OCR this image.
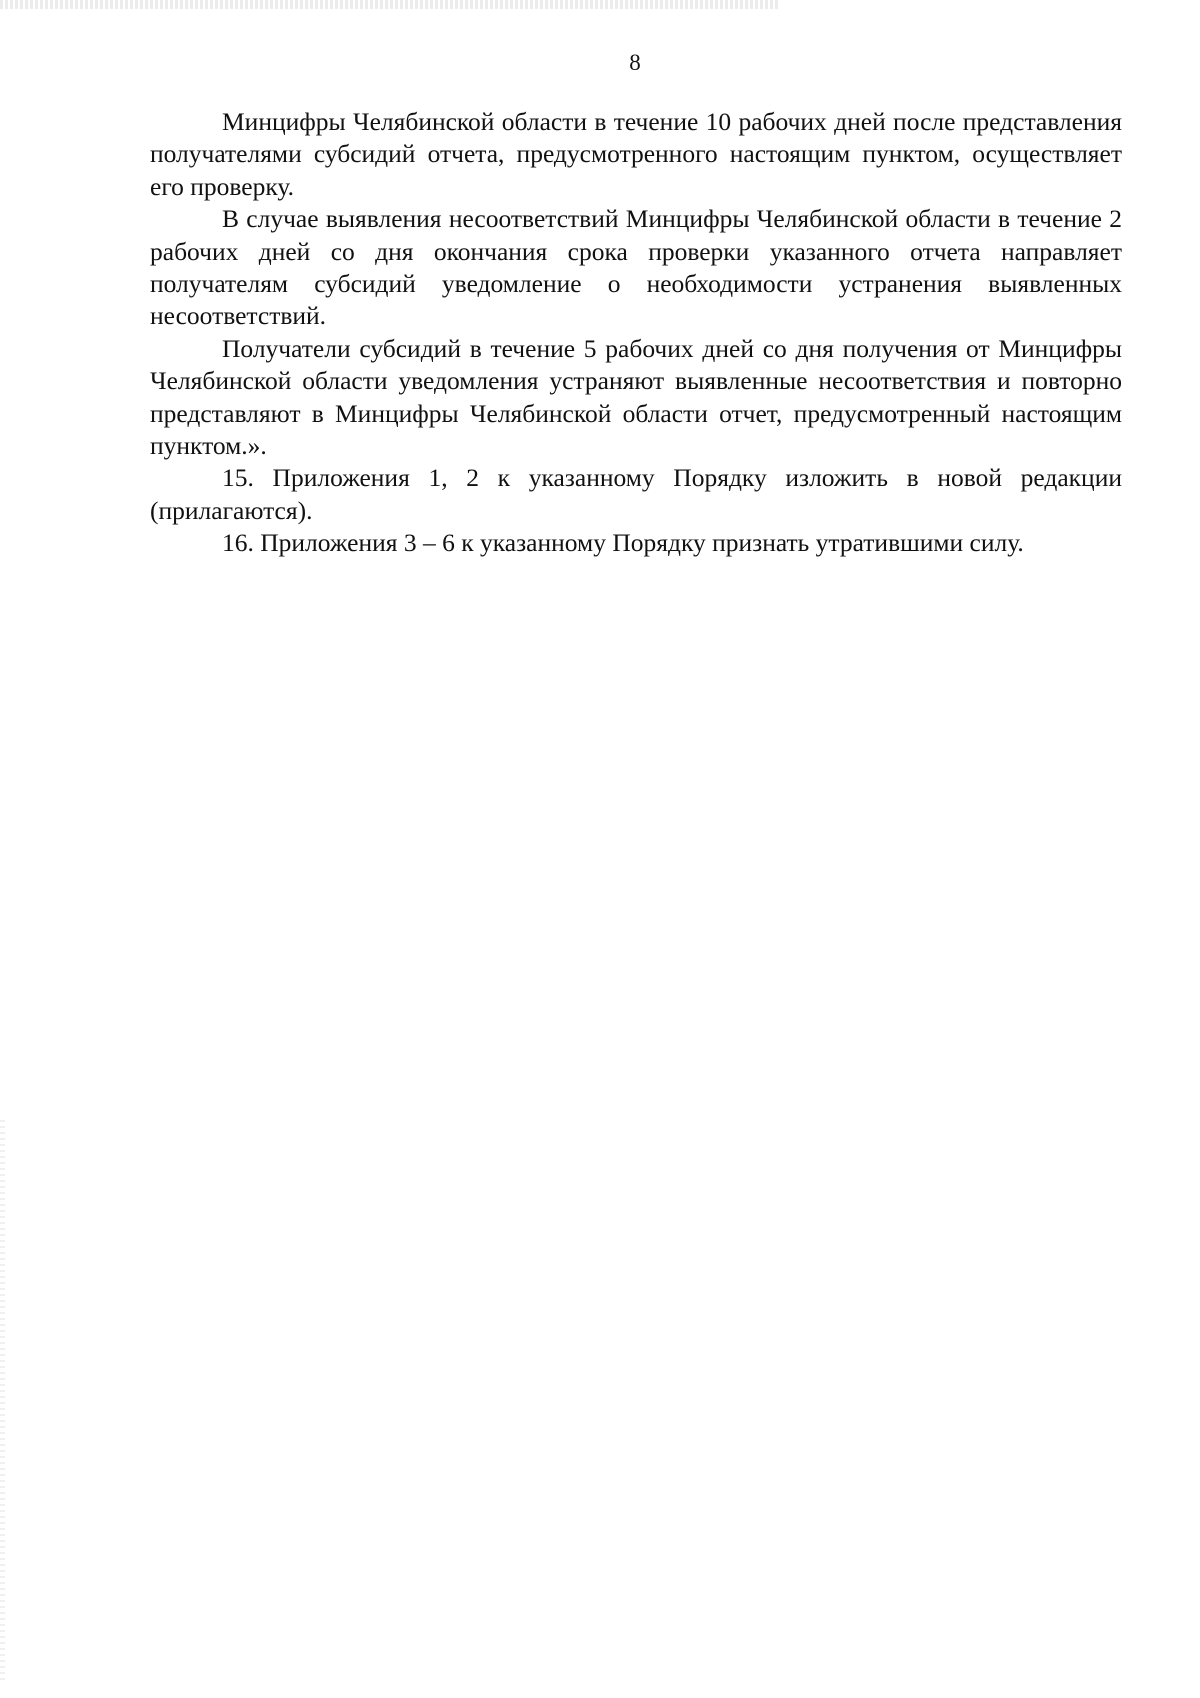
8

Минцифры Челябинской области в течение 10 рабочих дней после представления получателями субсидий отчета, предусмотренного настоящим пунктом, осуществляет его проверку.

В случае выявления несоответствий Минцифры Челябинской области в течение 2 рабочих дней со дня окончания срока проверки указанного отчета направляет получателям субсидий уведомление о необходимости устранения выявленных несоответствий.

Получатели субсидий в течение 5 рабочих дней со дня получения от Минцифры Челябинской области уведомления устраняют выявленные несоответствия и повторно представляют в Минцифры Челябинской области отчет, предусмотренный настоящим пунктом.».

15. Приложения 1, 2 к указанному Порядку изложить в новой редакции (прилагаются).

16. Приложения 3 – 6 к указанному Порядку признать утратившими силу.
